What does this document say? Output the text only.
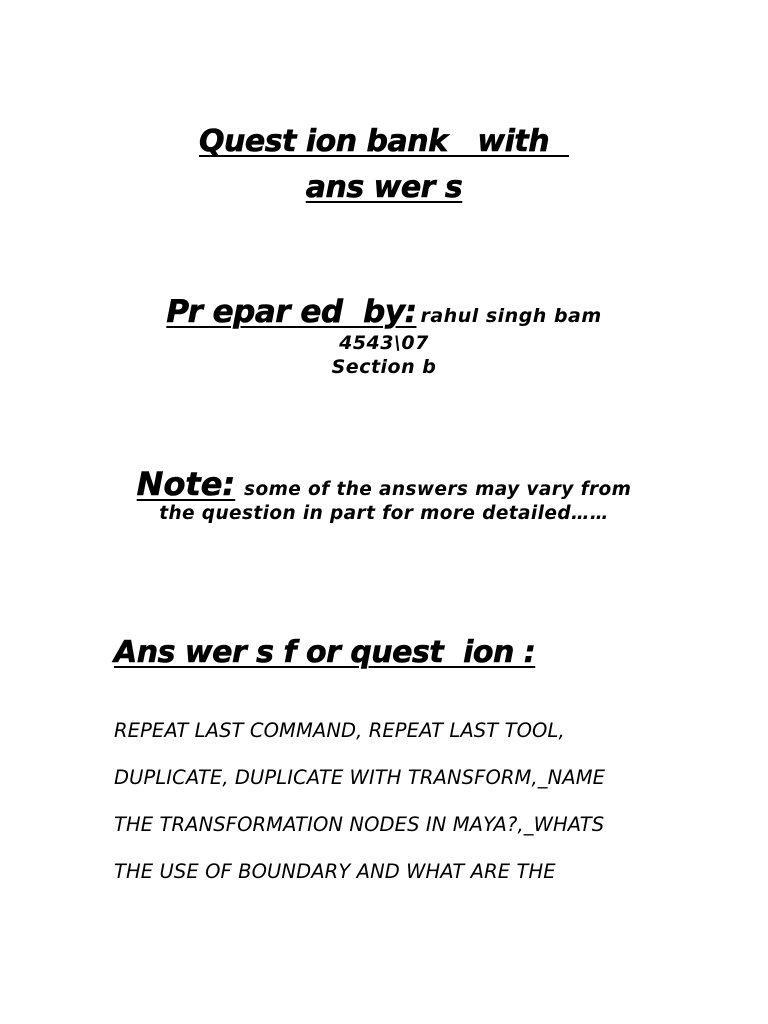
Quest ion bank   with
ans wer s
Pr epar ed  by: rahul singh bam
4543\07
Section b
Note: some of the answers may vary from
the question in part for more detailed……
Ans wer s f or quest  ion :
REPEAT LAST COMMAND, REPEAT LAST TOOL,
DUPLICATE, DUPLICATE WITH TRANSFORM,_NAME
THE TRANSFORMATION NODES IN MAYA?,_WHATS
THE USE OF BOUNDARY AND WHAT ARE THE
